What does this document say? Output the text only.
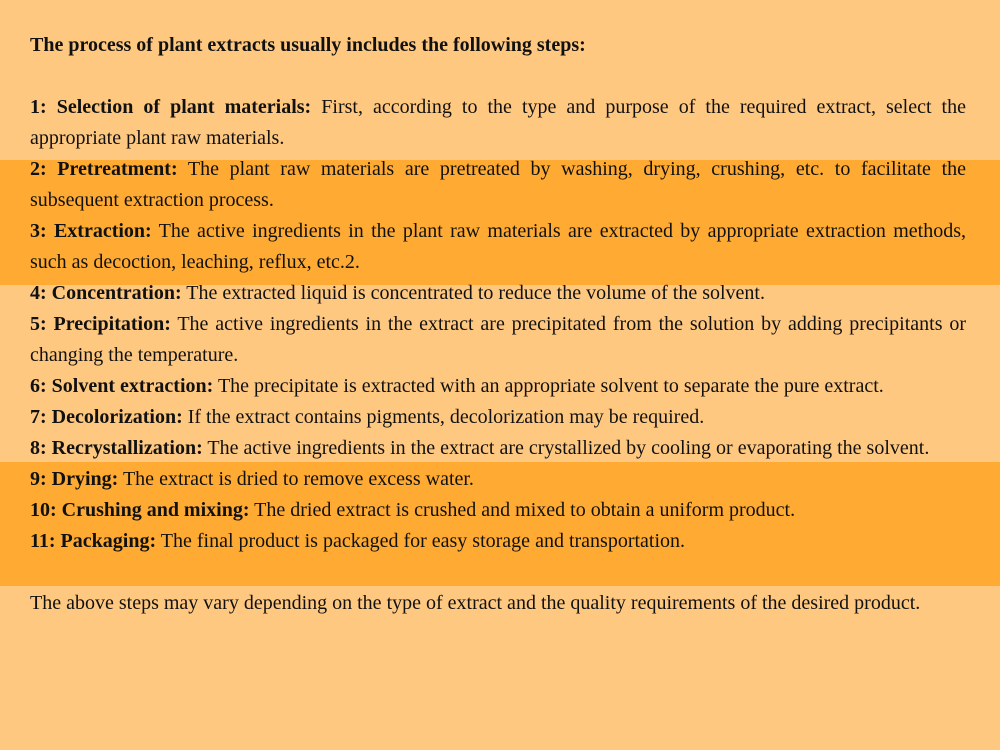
The process of plant extracts usually includes the following steps:

1: Selection of plant materials: First, according to the type and purpose of the required extract, select the appropriate plant raw materials.

2: Pretreatment: The plant raw materials are pretreated by washing, drying, crushing, etc. to facilitate the subsequent extraction process.

3: Extraction: The active ingredients in the plant raw materials are extracted by appropriate extraction methods, such as decoction, leaching, reflux, etc.2.

4: Concentration: The extracted liquid is concentrated to reduce the volume of the solvent.

5: Precipitation: The active ingredients in the extract are precipitated from the solution by adding precipitants or changing the temperature.

6: Solvent extraction: The precipitate is extracted with an appropriate solvent to separate the pure extract.

7: Decolorization: If the extract contains pigments, decolorization may be required.

8: Recrystallization: The active ingredients in the extract are crystallized by cooling or evaporating the solvent.

9: Drying: The extract is dried to remove excess water.

10: Crushing and mixing: The dried extract is crushed and mixed to obtain a uniform product.

11: Packaging: The final product is packaged for easy storage and transportation.

The above steps may vary depending on the type of extract and the quality requirements of the desired product.
